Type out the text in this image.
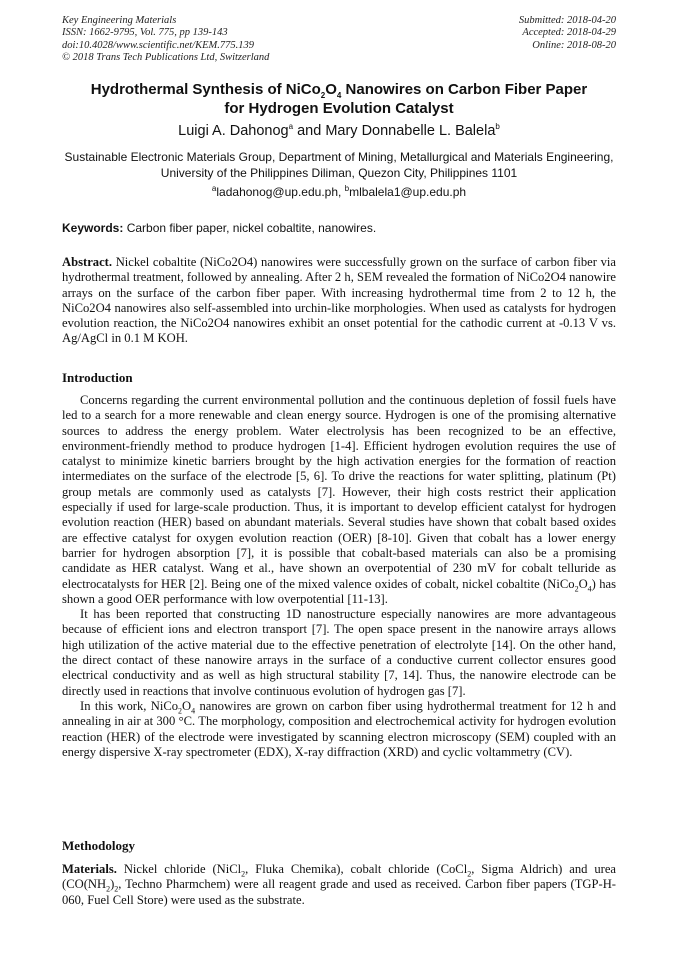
Key Engineering Materials
ISSN: 1662-9795, Vol. 775, pp 139-143
doi:10.4028/www.scientific.net/KEM.775.139
© 2018 Trans Tech Publications Ltd, Switzerland
Submitted: 2018-04-20
Accepted: 2018-04-29
Online: 2018-08-20
Hydrothermal Synthesis of $NiCo_2O_4$ Nanowires on Carbon Fiber Paper
for Hydrogen Evolution Catalyst
Luigi A. Dahonog$^a$ and Mary Donnabelle L. Balela$^b$
Sustainable Electronic Materials Group, Department of Mining, Metallurgical and Materials Engineering, University of the Philippines Diliman, Quezon City, Philippines 1101
$^a$ladahonog@up.edu.ph, $^b$mlbalela1@up.edu.ph
Keywords: Carbon fiber paper, nickel cobaltite, nanowires.
Abstract. Nickel cobaltite (NiCo2O4) nanowires were successfully grown on the surface of carbon fiber via hydrothermal treatment, followed by annealing. After 2 h, SEM revealed the formation of NiCo2O4 nanowire arrays on the surface of the carbon fiber paper. With increasing hydrothermal time from 2 to 12 h, the NiCo2O4 nanowires also self-assembled into urchin-like morphologies. When used as catalysts for hydrogen evolution reaction, the NiCo2O4 nanowires exhibit an onset potential for the cathodic current at -0.13 V vs. Ag/AgCl in 0.1 M KOH.
Introduction

Concerns regarding the current environmental pollution and the continuous depletion of fossil fuels have led to a search for a more renewable and clean energy source. Hydrogen is one of the promising alternative sources to address the energy problem. Water electrolysis has been recognized to be an effective, environment-friendly method to produce hydrogen [1-4]. Efficient hydrogen evolution requires the use of catalyst to minimize kinetic barriers brought by the high activation energies for the formation of reaction intermediates on the surface of the electrode [5, 6]. To drive the reactions for water splitting, platinum (Pt) group metals are commonly used as catalysts [7]. However, their high costs restrict their application especially if used for large-scale production. Thus, it is important to develop efficient catalyst for hydrogen evolution reaction (HER) based on abundant materials. Several studies have shown that cobalt based oxides are effective catalyst for oxygen evolution reaction (OER) [8-10]. Given that cobalt has a lower energy barrier for hydrogen absorption [7], it is possible that cobalt-based materials can also be a promising candidate as HER catalyst. Wang et al., have shown an overpotential of 230 mV for cobalt telluride as electrocatalysts for HER [2]. Being one of the mixed valence oxides of cobalt, nickel cobaltite $(NiCo_2O_4)$ has shown a good OER performance with low overpotential [11-13].

It has been reported that constructing 1D nanostructure especially nanowires are more advantageous because of efficient ions and electron transport [7]. The open space present in the nanowire arrays allows high utilization of the active material due to the effective penetration of electrolyte [14]. On the other hand, the direct contact of these nanowire arrays in the surface of a conductive current collector ensures good electrical conductivity and as well as high structural stability [7, 14]. Thus, the nanowire electrode can be directly used in reactions that involve continuous evolution of hydrogen gas [7].

In this work, $NiCo_2O_4$ nanowires are grown on carbon fiber using hydrothermal treatment for 12 h and annealing in air at 300 °C. The morphology, composition and electrochemical activity for hydrogen evolution reaction (HER) of the electrode were investigated by scanning electron microscopy (SEM) coupled with an energy dispersive X-ray spectrometer (EDX), X-ray diffraction (XRD) and cyclic voltammetry (CV).

Methodology
Materials. Nickel chloride (NiCl$_2$, Fluka Chemika), cobalt chloride (CoCl$_2$, Sigma Aldrich) and urea ($CO(NH_2)_2$, Techno Pharmchem) were all reagent grade and used as received. Carbon fiber papers (TGP-H-060, Fuel Cell Store) were used as the substrate.
